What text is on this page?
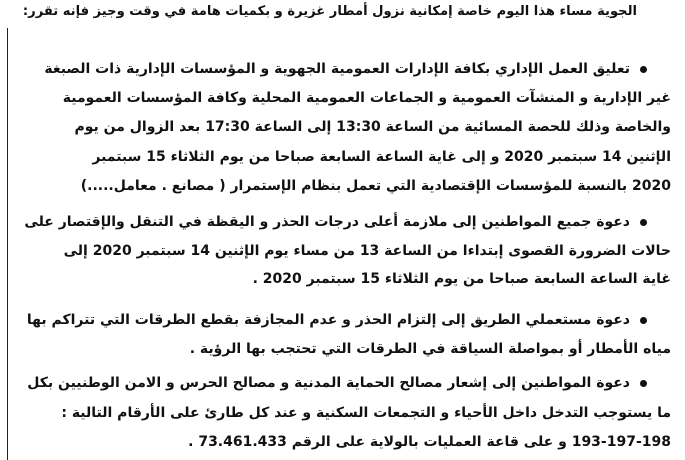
الجوية مساء هذا اليوم خاصة إمكانية نزول أمطار غزيرة و بكميات هامة في وقت وجيز فإنه تقرر:
تعليق العمل الإداري بكافة الإدارات العمومية الجهوية و المؤسسات الإدارية ذات الصبغة
غير الإدارية و المنشآت العمومية و الجماعات العمومية المحلية وكافة المؤسسات العمومية
والخاصة وذلك للحصة المسائية من الساعة 13:30 إلى الساعة 17:30 بعد الزوال من يوم
الإثنين 14 سبتمبر 2020 و إلى غاية الساعة السابعة صباحا من يوم الثلاثاء 15 سبتمبر
2020 بالنسبة للمؤسسات الإقتصادية التي تعمل بنظام الإستمرار ( مصانع . معامل.....)
دعوة جميع المواطنين إلى ملازمة أعلى درجات الحذر و اليقظة في التنقل والإقتصار على
حالات الضرورة القصوى إبتداءا من الساعة 13 من مساء يوم الإثنين 14 سبتمبر 2020 إلى
غاية الساعة السابعة صباحا من يوم الثلاثاء 15 سبتمبر 2020 .
دعوة مستعملي الطريق إلى إلتزام الحذر و عدم المجازفة بقطع الطرقات التي تتراكم بها
مياه الأمطار أو بمواصلة السياقة في الطرقات التي تحتجب بها الرؤية .
دعوة المواطنين إلى إشعار مصالح الحماية المدنية و مصالح الحرس و الامن الوطنيين بكل
ما يستوجب التدخل داخل الأحياء و التجمعات السكنية و عند كل طارئ على الأرقام التالية :
193-197-198 و على قاعة العمليات بالولاية على الرقم 73.461.433 .
